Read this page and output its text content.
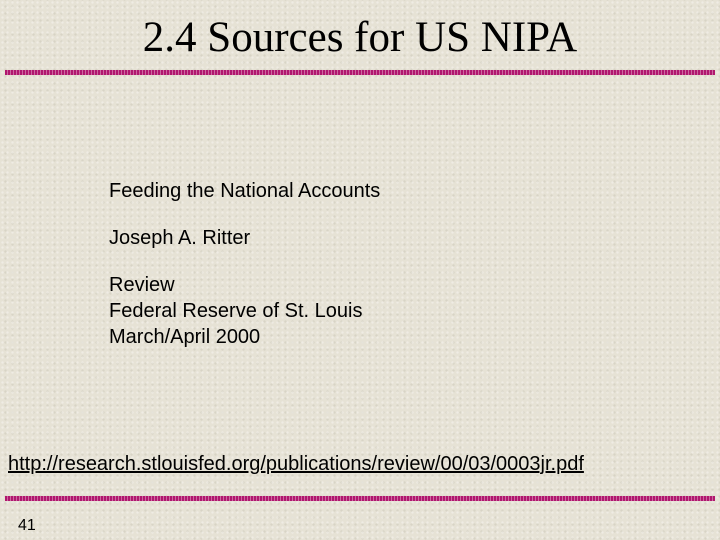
2.4 Sources for US NIPA
Feeding the National Accounts
Joseph A. Ritter
Review
Federal Reserve of St. Louis
March/April 2000
http://research.stlouisfed.org/publications/review/00/03/0003jr.pdf
41
